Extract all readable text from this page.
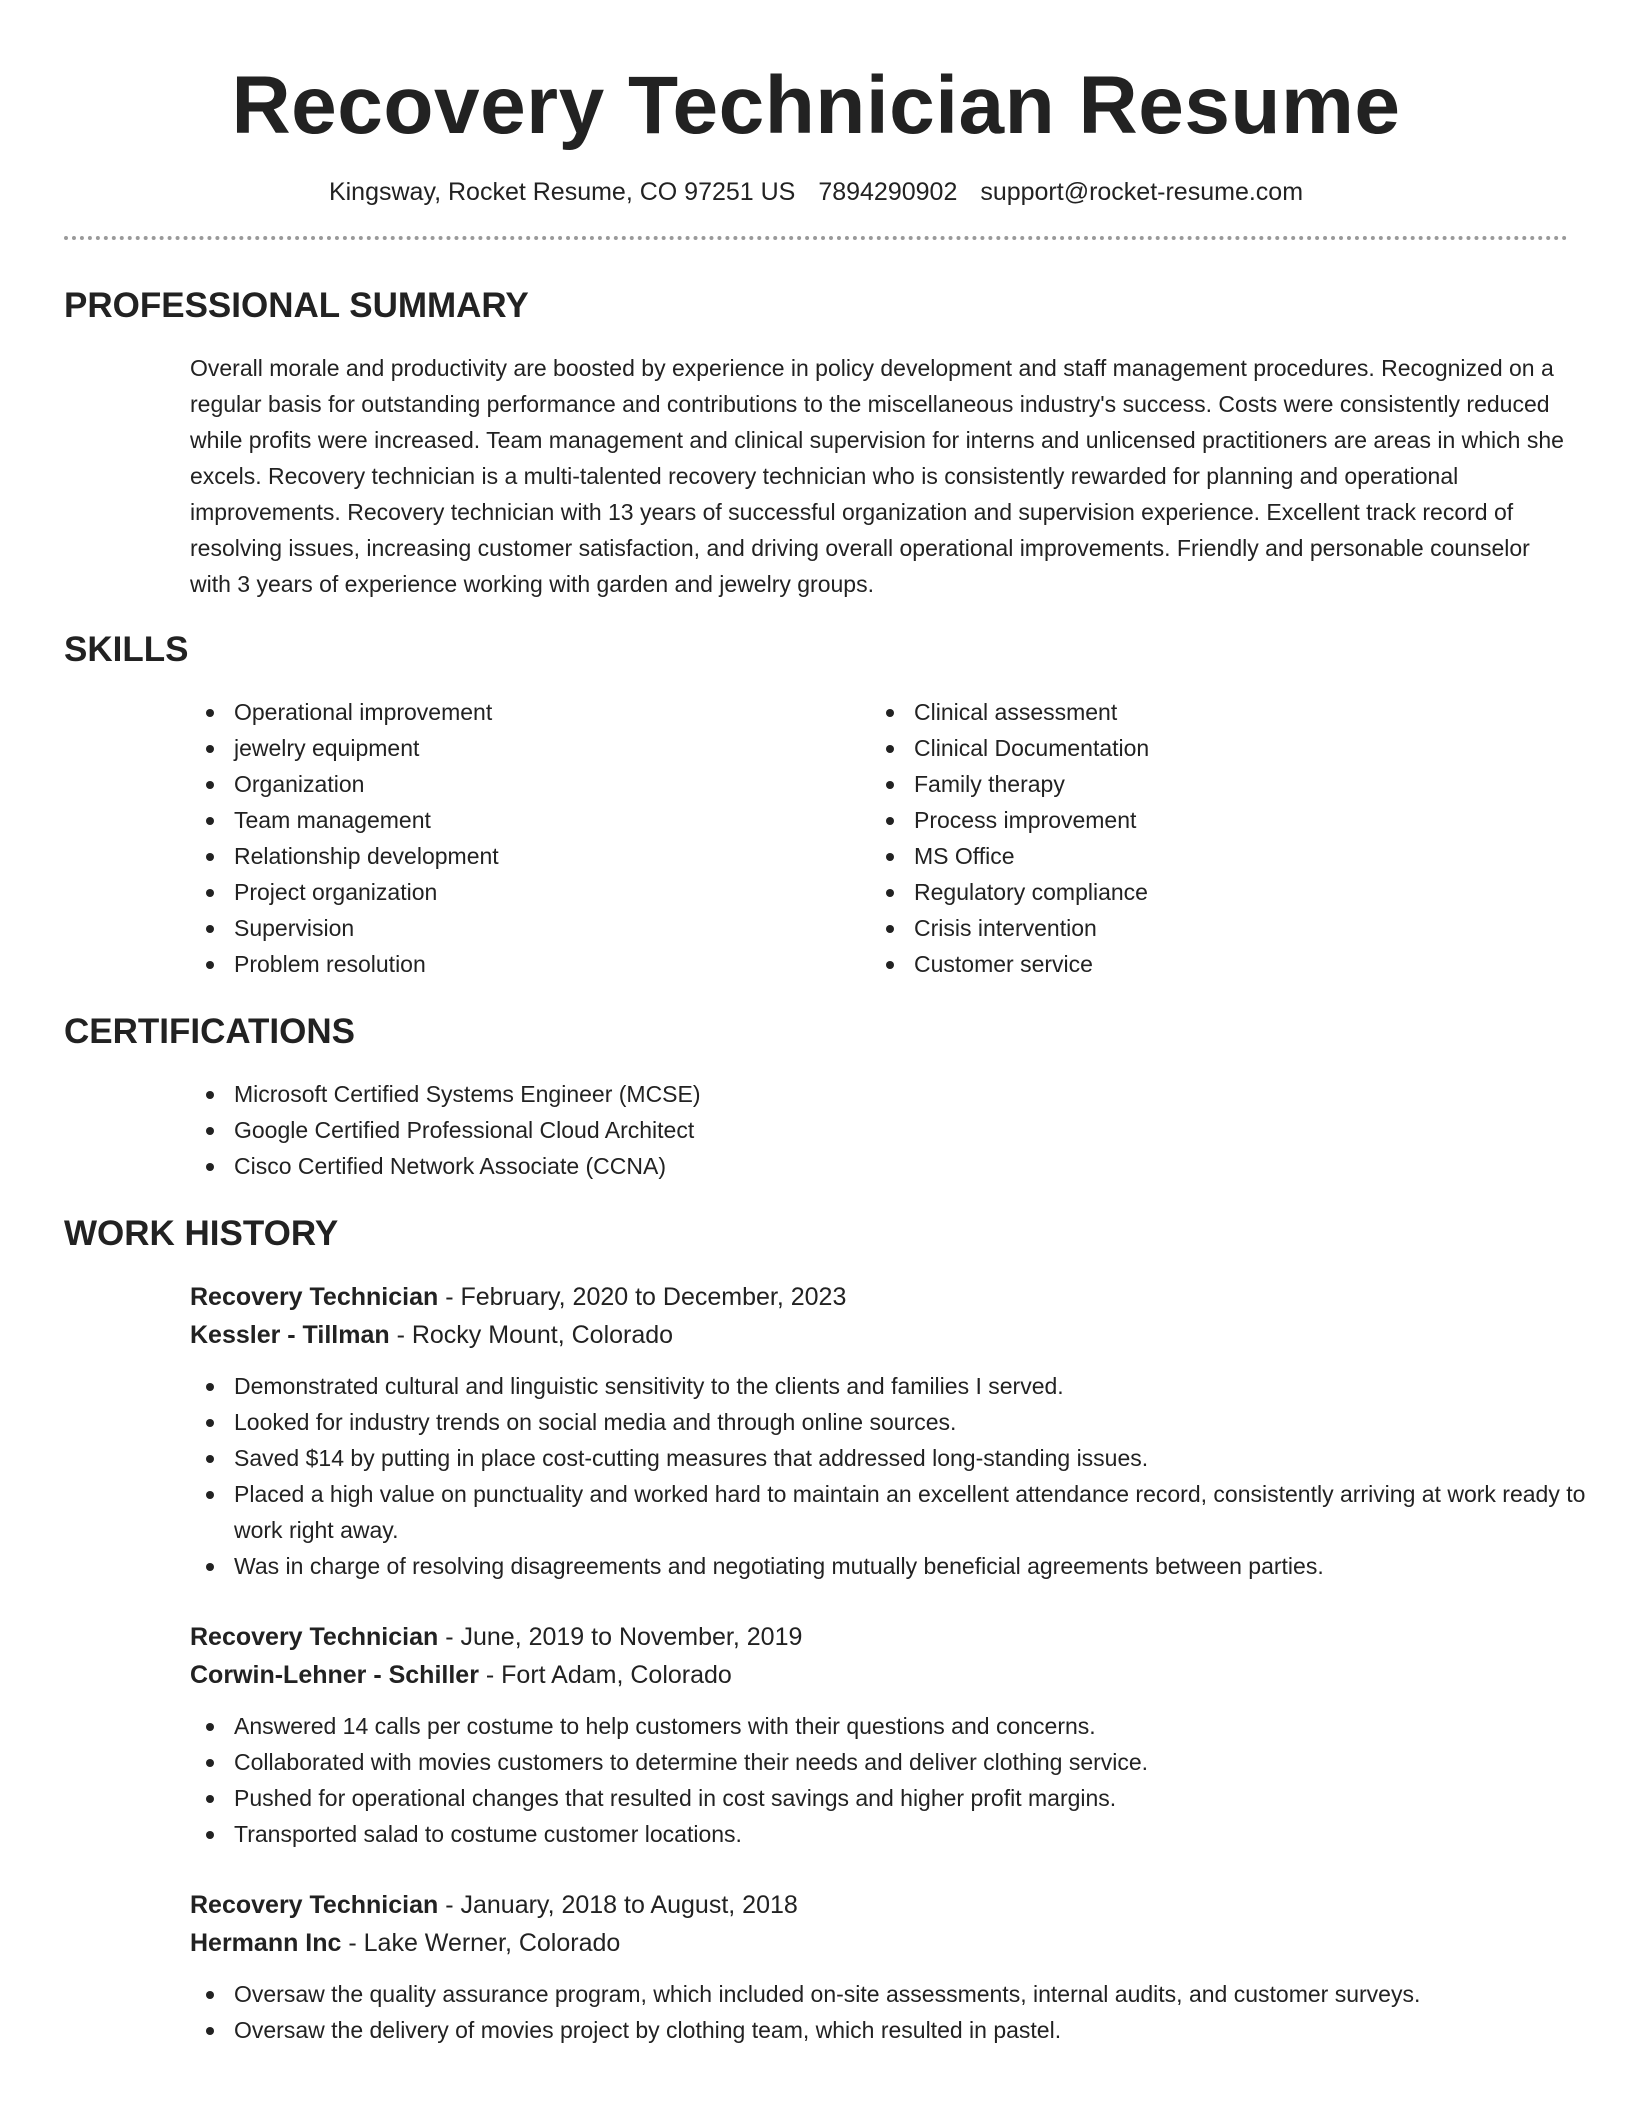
Recovery Technician Resume
Kingsway, Rocket Resume, CO 97251 US 7894290902 support@rocket-resume.com
PROFESSIONAL SUMMARY

Overall morale and productivity are boosted by experience in policy development and staff management procedures. Recognized on a regular basis for outstanding performance and contributions to the miscellaneous industry's success. Costs were consistently reduced while profits were increased. Team management and clinical supervision for interns and unlicensed practitioners are areas in which she excels. Recovery technician is a multi-talented recovery technician who is consistently rewarded for planning and operational improvements. Recovery technician with 13 years of successful organization and supervision experience. Excellent track record of resolving issues, increasing customer satisfaction, and driving overall operational improvements. Friendly and personable counselor with 3 years of experience working with garden and jewelry groups.

SKILLS
Operational improvement
jewelry equipment
Organization
Team management
Relationship development
Project organization
Supervision
Problem resolution
Clinical assessment
Clinical Documentation
Family therapy
Process improvement
MS Office
Regulatory compliance
Crisis intervention
Customer service
CERTIFICATIONS
Microsoft Certified Systems Engineer (MCSE)
Google Certified Professional Cloud Architect
Cisco Certified Network Associate (CCNA)
WORK HISTORY
Recovery Technician - February, 2020 to December, 2023
Kessler - Tillman - Rocky Mount, Colorado
Demonstrated cultural and linguistic sensitivity to the clients and families I served.
Looked for industry trends on social media and through online sources.
Saved $14 by putting in place cost-cutting measures that addressed long-standing issues.
Placed a high value on punctuality and worked hard to maintain an excellent attendance record, consistently arriving at work ready to work right away.
Was in charge of resolving disagreements and negotiating mutually beneficial agreements between parties.
Recovery Technician - June, 2019 to November, 2019
Corwin-Lehner - Schiller - Fort Adam, Colorado
Answered 14 calls per costume to help customers with their questions and concerns.
Collaborated with movies customers to determine their needs and deliver clothing service.
Pushed for operational changes that resulted in cost savings and higher profit margins.
Transported salad to costume customer locations.
Recovery Technician - January, 2018 to August, 2018
Hermann Inc - Lake Werner, Colorado
Oversaw the quality assurance program, which included on-site assessments, internal audits, and customer surveys.
Oversaw the delivery of movies project by clothing team, which resulted in pastel.
